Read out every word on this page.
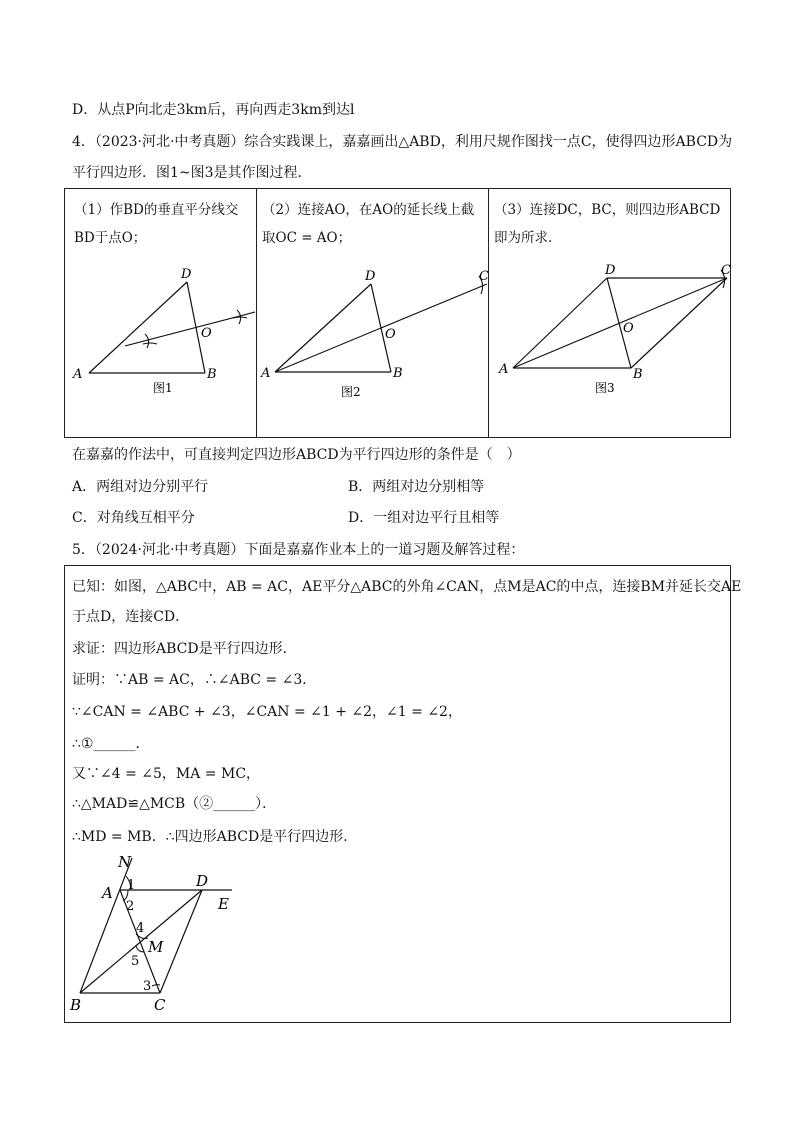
D．从点P向北走3km后，再向西走3km到达l
4．（2023·河北·中考真题）综合实践课上，嘉嘉画出△ABD，利用尺规作图找一点C，使得四边形ABCD为
平行四边形．图1~图3是其作图过程．
（1）作BD的垂直平分线交
BD于点O；
（2）连接AO，在AO的延长线上截
取OC = AO；
（3）连接DC，BC，则四边形ABCD
即为所求．
A
D
B
O
图1
A
D
B
O
C
图2
A
D
B
O
C
图3
在嘉嘉的作法中，可直接判定四边形ABCD为平行四边形的条件是（　）
A．两组对边分别平行	B．两组对边分别相等
C．对角线互相平分	D．一组对边平行且相等
5．（2024·河北·中考真题）下面是嘉嘉作业本上的一道习题及解答过程：
已知：如图，△ABC中，AB = AC，AE平分△ABC的外角∠CAN，点M是AC的中点，连接BM并延长交AE
于点D，连接CD．
求证：四边形ABCD是平行四边形．
证明：∵AB = AC，∴∠ABC = ∠3．
∵∠CAN = ∠ABC + ∠3，∠CAN = ∠1 + ∠2，∠1 = ∠2，
∴①______．
又∵∠4 = ∠5，MA = MC，
∴△MAD≌△MCB（②______）．
∴MD = MB．∴四边形ABCD是平行四边形．
N
A 1
2
D
E
4
M
5
3
B	C
